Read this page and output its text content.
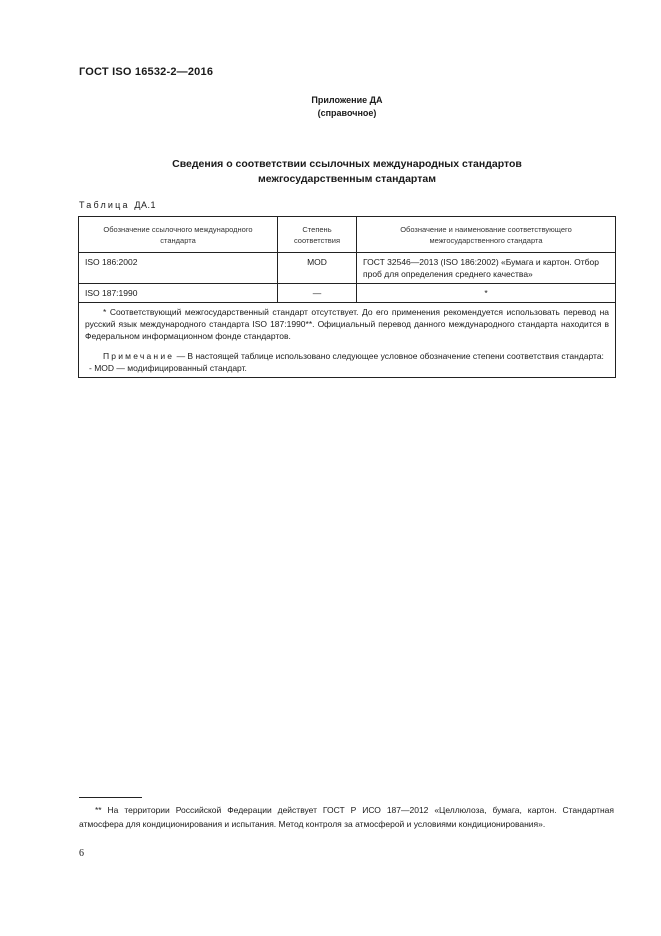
ГОСТ ISO 16532-2—2016
Приложение ДА
(справочное)
Сведения о соответствии ссылочных международных стандартов
межгосударственным стандартам
Таблица ДА.1
Обозначение ссылочного международного стандарта	Степень соответствия	Обозначение и наименование соответствующего межгосударственного стандарта
ISO 186:2002	MOD	ГОСТ 32546—2013 (ISO 186:2002) «Бумага и картон. Отбор проб для определения среднего качества»
ISO 187:1990	—	*

* Соответствующий межгосударственный стандарт отсутствует. До его применения рекомендуется использовать перевод на русский язык международного стандарта ISO 187:1990**. Официальный перевод данного международного стандарта находится в Федеральном информационном фонде стандартов.

Примечание — В настоящей таблице использовано следующее условное обозначение степени соответствия стандарта:

- MOD — модифицированный стандарт.		

** На территории Российской Федерации действует ГОСТ Р ИСО 187—2012 «Целлюлоза, бумага, картон. Стандартная атмосфера для кондиционирования и испытания. Метод контроля за атмосферой и условиями кондиционирования».
6
